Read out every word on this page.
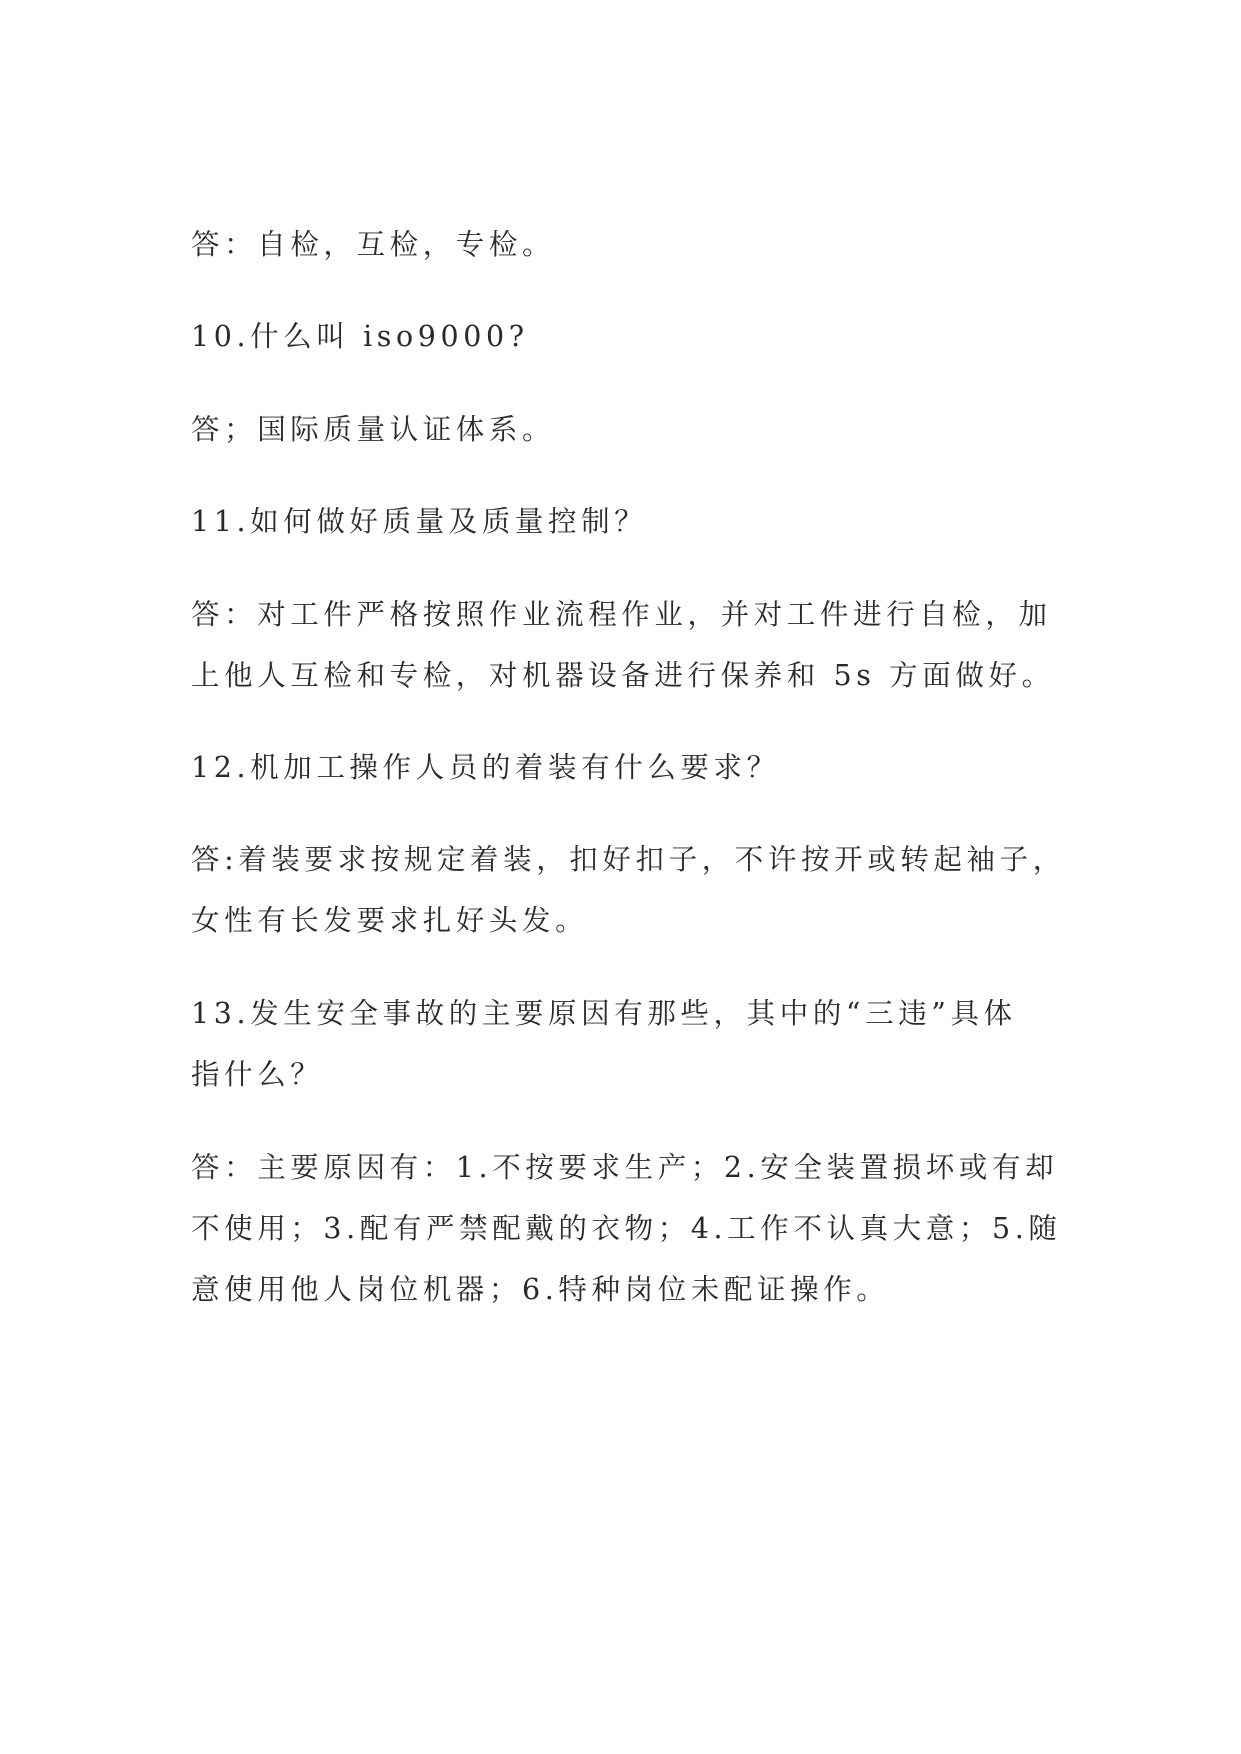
答：自检，互检，专检。

10.什么叫 iso9000?

答；国际质量认证体系。

11.如何做好质量及质量控制？

答：对工件严格按照作业流程作业，并对工件进行自检，加
上他人互检和专检，对机器设备进行保养和 5s 方面做好。

12.机加工操作人员的着装有什么要求？

答:着装要求按规定着装，扣好扣子，不许按开或转起袖子，
女性有长发要求扎好头发。

13.发生安全事故的主要原因有那些，其中的“三违”具体
指什么？

答：主要原因有：1.不按要求生产；2.安全装置损坏或有却
不使用；3.配有严禁配戴的衣物；4.工作不认真大意；5.随
意使用他人岗位机器；6.特种岗位未配证操作。
